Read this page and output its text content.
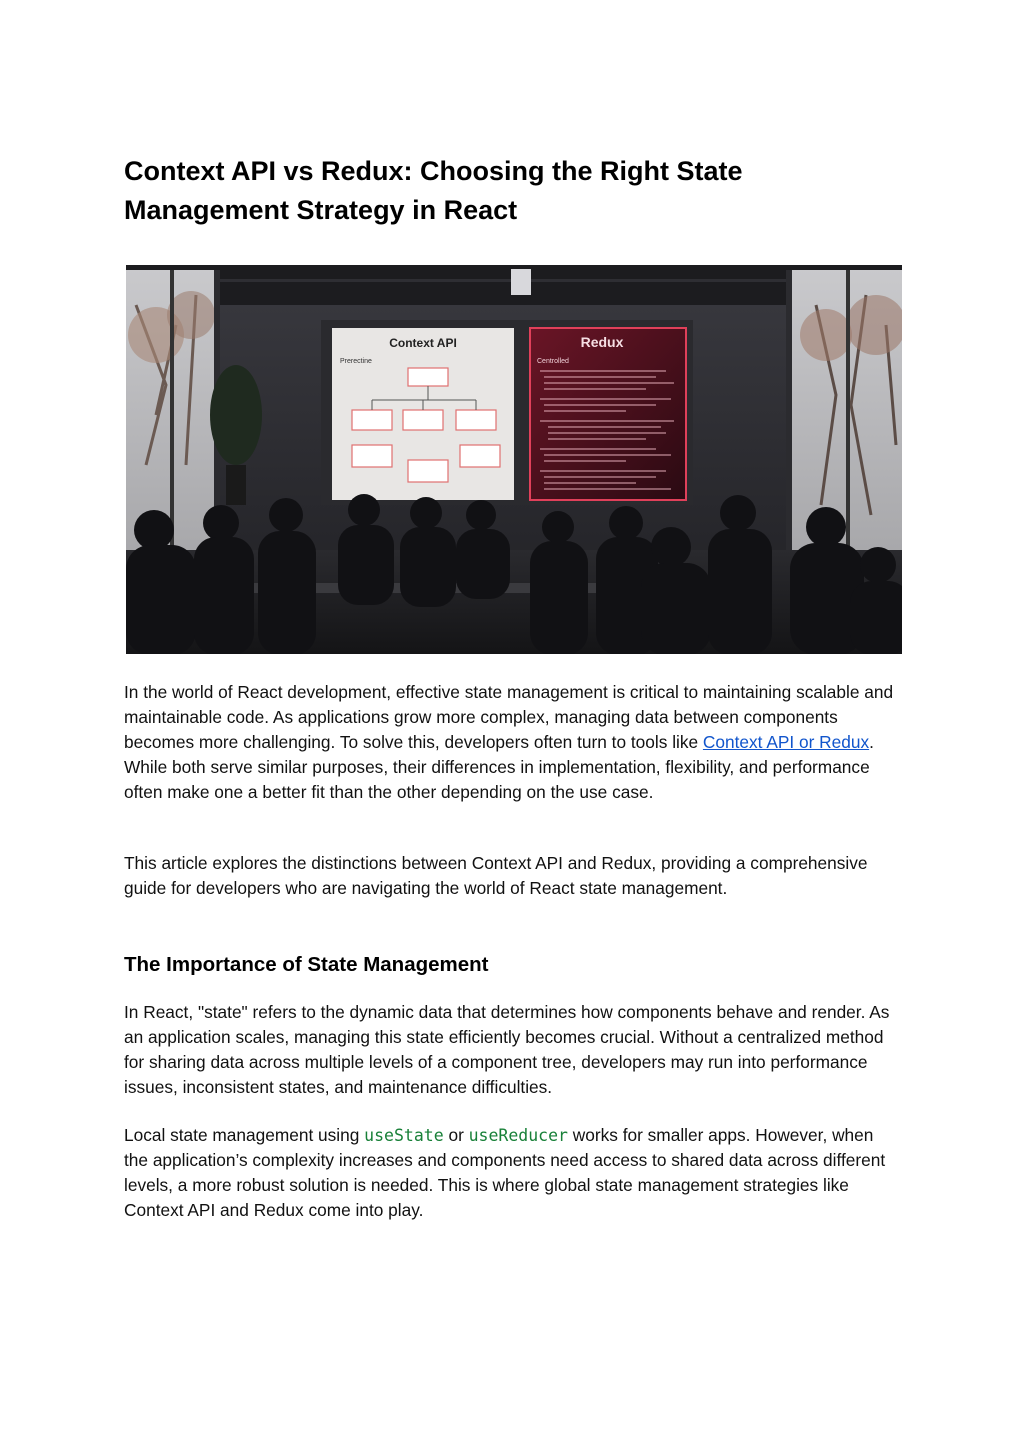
Context API vs Redux: Choosing the Right State Management Strategy in React
Context API
Prerectine
Redux
Centrolled

In the world of React development, effective state management is critical to maintaining scalable and maintainable code. As applications grow more complex, managing data between components becomes more challenging. To solve this, developers often turn to tools like Context API or Redux. While both serve similar purposes, their differences in implementation, flexibility, and performance often make one a better fit than the other depending on the use case.

This article explores the distinctions between Context API and Redux, providing a comprehensive guide for developers who are navigating the world of React state management.

The Importance of State Management

In React, "state" refers to the dynamic data that determines how components behave and render. As an application scales, managing this state efficiently becomes crucial. Without a centralized method for sharing data across multiple levels of a component tree, developers may run into performance issues, inconsistent states, and maintenance difficulties.

Local state management using useState or useReducer works for smaller apps. However, when the application’s complexity increases and components need access to shared data across different levels, a more robust solution is needed. This is where global state management strategies like Context API and Redux come into play.
